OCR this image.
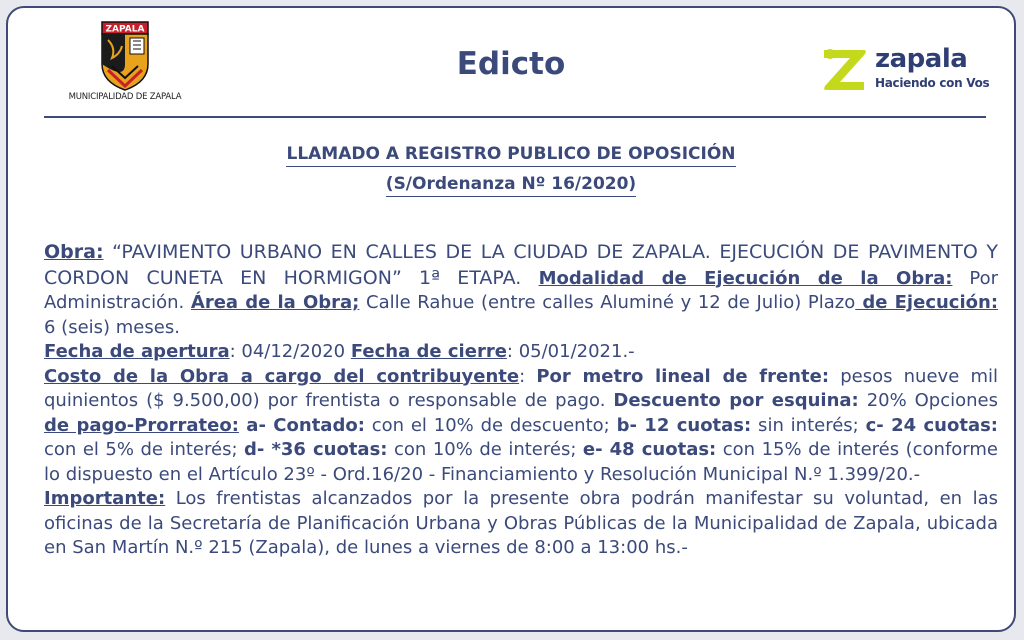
ZAPALA
MUNICIPALIDAD DE ZAPALA
Edicto	zapala
Haciendo con Vos
LLAMADO A REGISTRO PUBLICO DE OPOSICIÓN
(S/Ordenanza Nº 16/2020)
Obra: “PAVIMENTO URBANO EN CALLES DE LA CIUDAD DE ZAPALA. EJECUCIÓN DE PAVIMENTO Y CORDON CUNETA EN HORMIGON” 1ª ETAPA. Modalidad de Ejecución de la Obra: Por Administración. Área de la Obra; Calle Rahue (entre calles Aluminé y 12 de Julio) Plazo de Ejecución: 6 (seis) meses.
Fecha de apertura: 04/12/2020 Fecha de cierre: 05/01/2021.-
Costo de la Obra a cargo del contribuyente: Por metro lineal de frente: pesos nueve mil quinientos ($ 9.500,00) por frentista o responsable de pago. Descuento por esquina: 20% Opciones de pago-Prorrateo: a- Contado: con el 10% de descuento; b- 12 cuotas: sin interés; c- 24 cuotas: con el 5% de interés; d- *36 cuotas: con 10% de interés; e- 48 cuotas: con 15% de interés (conforme lo dispuesto en el Artículo 23º - Ord.16/20 - Financiamiento y Resolución Municipal N.º 1.399/20.-
Importante: Los frentistas alcanzados por la presente obra podrán manifestar su voluntad, en las oficinas de la Secretaría de Planificación Urbana y Obras Públicas de la Municipalidad de Zapala, ubicada en San Martín N.º 215 (Zapala), de lunes a viernes de 8:00 a 13:00 hs.-
